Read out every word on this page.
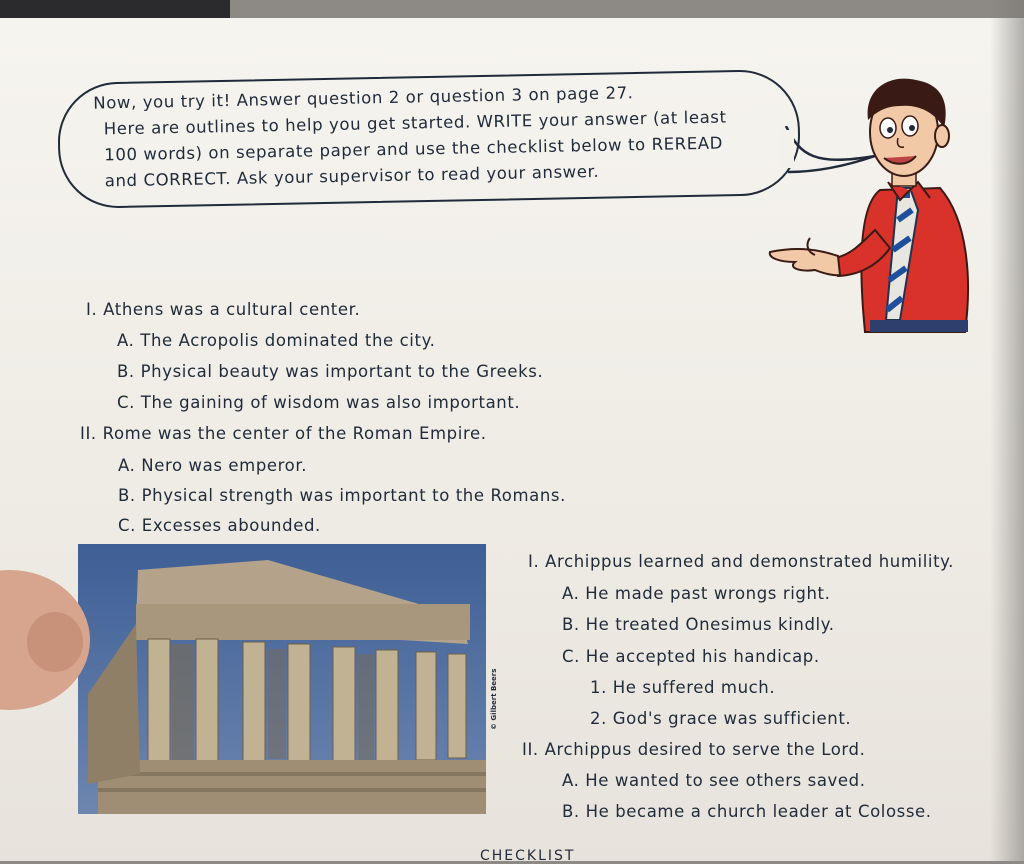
Now, you try it! Answer question 2 or question 3 on page 27.
Here are outlines to help you get started. WRITE your answer (at least
100 words) on separate paper and use the checklist below to REREAD
and CORRECT. Ask your supervisor to read your answer.
I. Athens was a cultural center.
A. The Acropolis dominated the city.
B. Physical beauty was important to the Greeks.
C. The gaining of wisdom was also important.
II. Rome was the center of the Roman Empire.
A. Nero was emperor.
B. Physical strength was important to the Romans.
C. Excesses abounded.
© Gilbert Beers
I. Archippus learned and demonstrated humility.
A. He made past wrongs right.
B. He treated Onesimus kindly.
C. He accepted his handicap.
1. He suffered much.
2. God's grace was sufficient.
II. Archippus desired to serve the Lord.
A. He wanted to see others saved.
B. He became a church leader at Colosse.
CHECKLIST
